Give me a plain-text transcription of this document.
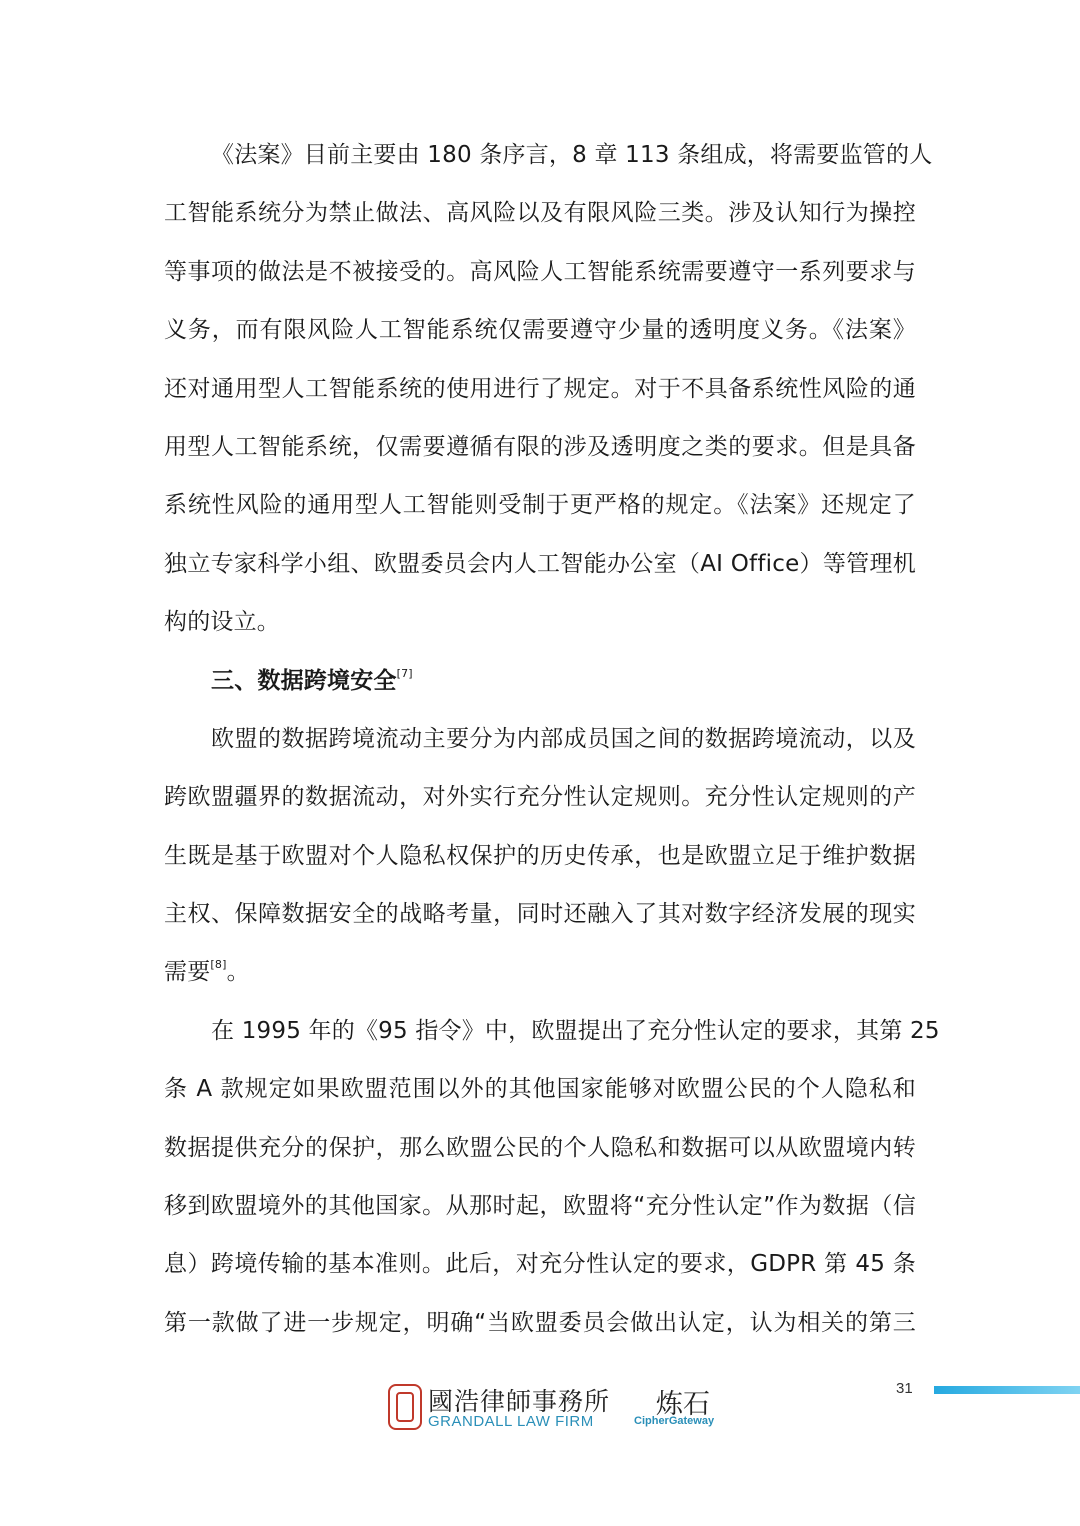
《法案》目前主要由 180 条序言，8 章 113 条组成，将需要监管的人
工智能系统分为禁止做法、高风险以及有限风险三类。涉及认知行为操控
等事项的做法是不被接受的。高风险人工智能系统需要遵守一系列要求与
义务，而有限风险人工智能系统仅需要遵守少量的透明度义务。《法案》
还对通用型人工智能系统的使用进行了规定。对于不具备系统性风险的通
用型人工智能系统，仅需要遵循有限的涉及透明度之类的要求。但是具备
系统性风险的通用型人工智能则受制于更严格的规定。《法案》还规定了
独立专家科学小组、欧盟委员会内人工智能办公室（AI Office）等管理机
构的设立。
三、数据跨境安全[7]
欧盟的数据跨境流动主要分为内部成员国之间的数据跨境流动，以及
跨欧盟疆界的数据流动，对外实行充分性认定规则。充分性认定规则的产
生既是基于欧盟对个人隐私权保护的历史传承，也是欧盟立足于维护数据
主权、保障数据安全的战略考量，同时还融入了其对数字经济发展的现实
需要[8]。
在 1995 年的《95 指令》中，欧盟提出了充分性认定的要求，其第 25
条 A 款规定如果欧盟范围以外的其他国家能够对欧盟公民的个人隐私和
数据提供充分的保护，那么欧盟公民的个人隐私和数据可以从欧盟境内转
移到欧盟境外的其他国家。从那时起，欧盟将“充分性认定”作为数据（信
息）跨境传输的基本准则。此后，对充分性认定的要求，GDPR 第 45 条
第一款做了进一步规定，明确“当欧盟委员会做出认定，认为相关的第三
國浩律師事務所
GRANDALL LAW FIRM
炼石
CipherGateway
31
